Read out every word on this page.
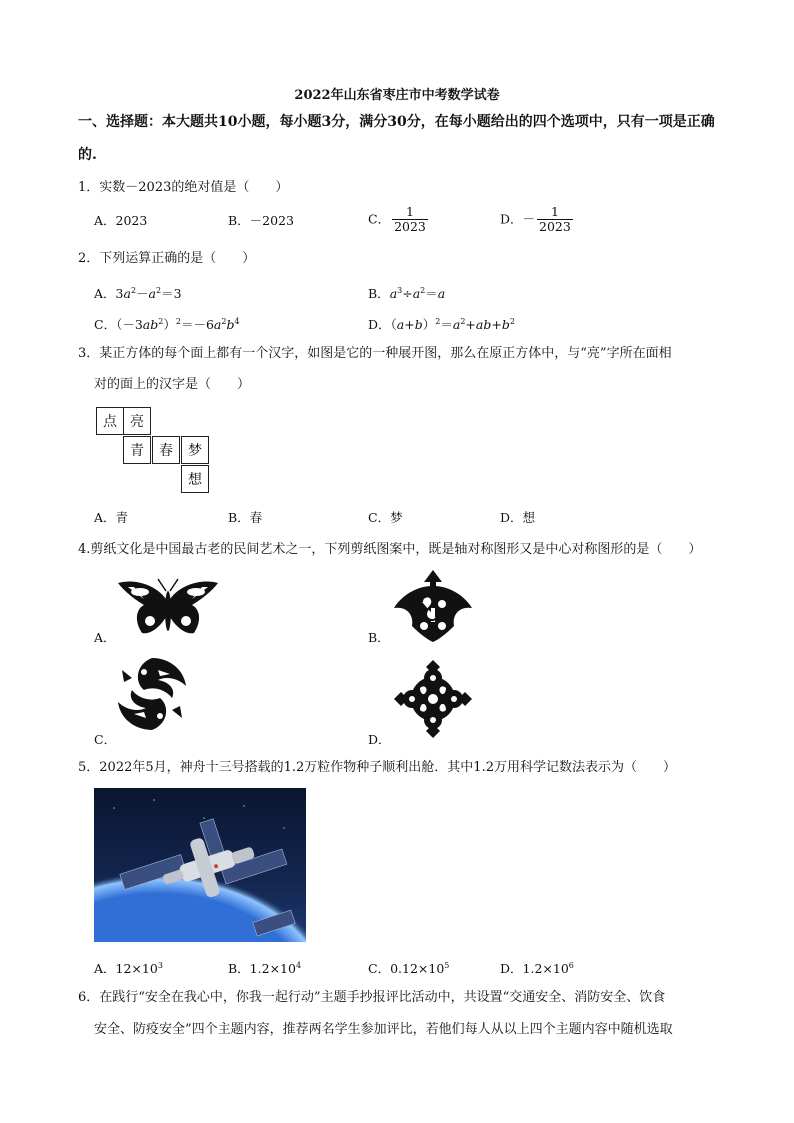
2022年山东省枣庄市中考数学试卷
一、选择题：本大题共10小题，每小题3分，满分30分，在每小题给出的四个选项中，只有一项是正确
的.
1．实数－2023的绝对值是（　　）
A．2023	B．－2023	C． $\frac{1}{2023}$	D．－ $\frac{1}{2023}$
2．下列运算正确的是（　　）
A．$3a^2-a^2=3$	B．$a^3\div a^2=a$
C．$(-3ab^2)^2=-6a^2b^4$	D．$(a+b)^2=a^2+ab+b^2$
3．某正方体的每个面上都有一个汉字，如图是它的一种展开图，那么在原正方体中，与“亮”字所在面相
对的面上的汉字是（　　）
点 亮
青	春	梦
想
A．青	B．春	C．梦	D．想
4.剪纸文化是中国最古老的民间艺术之一，下列剪纸图案中，既是轴对称图形又是中心对称图形的是（　　）
A．	B．
C．	D．
5．2022年5月，神舟十三号搭载的1.2万粒作物种子顺利出舱．其中1.2万用科学记数法表示为（　　）
A．$12\times 10^3$	B．$1.2\times 10^4$	C．$0.12\times 10^5$	D．$1.2\times 10^6$
6．在践行“安全在我心中，你我一起行动”主题手抄报评比活动中，共设置“交通安全、消防安全、饮食
安全、防疫安全”四个主题内容，推荐两名学生参加评比，若他们每人从以上四个主题内容中随机选取
